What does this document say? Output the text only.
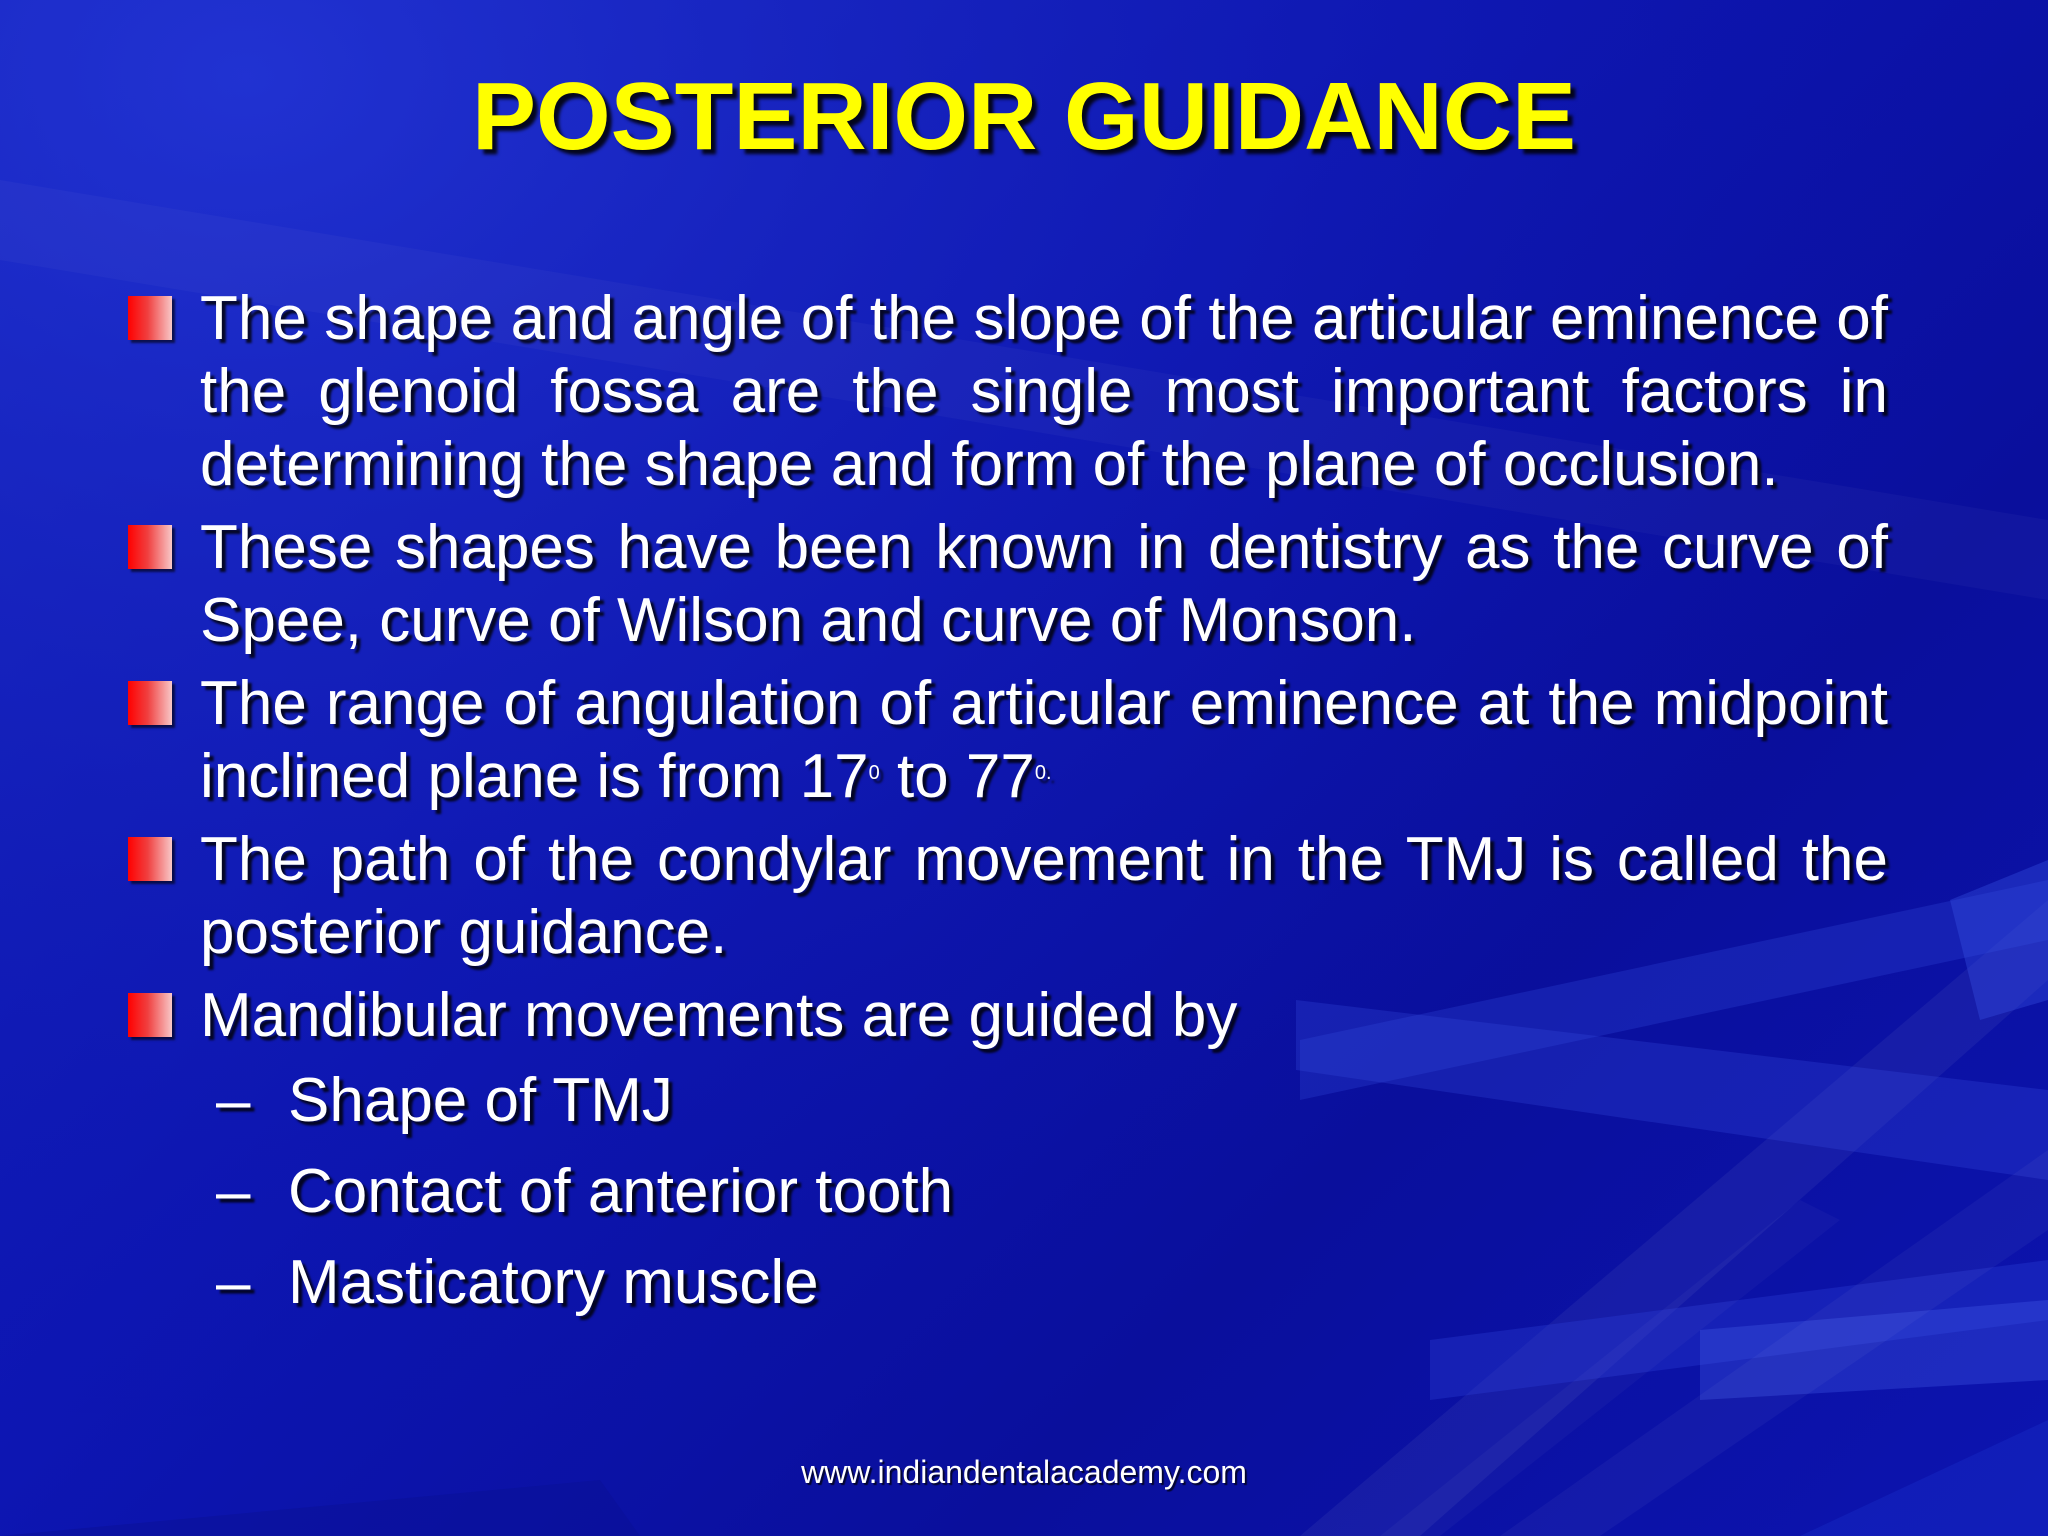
POSTERIOR GUIDANCE
The shape and angle of the slope of the articular eminence of the glenoid fossa are the single most important factors in determining the shape and form of the plane of occlusion.
These shapes have been known in dentistry as the curve of Spee, curve of Wilson and curve of Monson.
The range of angulation of articular eminence at the midpoint inclined plane is from $17^0$ to $77^{0.}$
The path of the condylar movement in the TMJ is called the posterior guidance.
Mandibular movements are guided by
– Shape of TMJ
– Contact of anterior tooth
– Masticatory muscle
www.indiandentalacademy.com
